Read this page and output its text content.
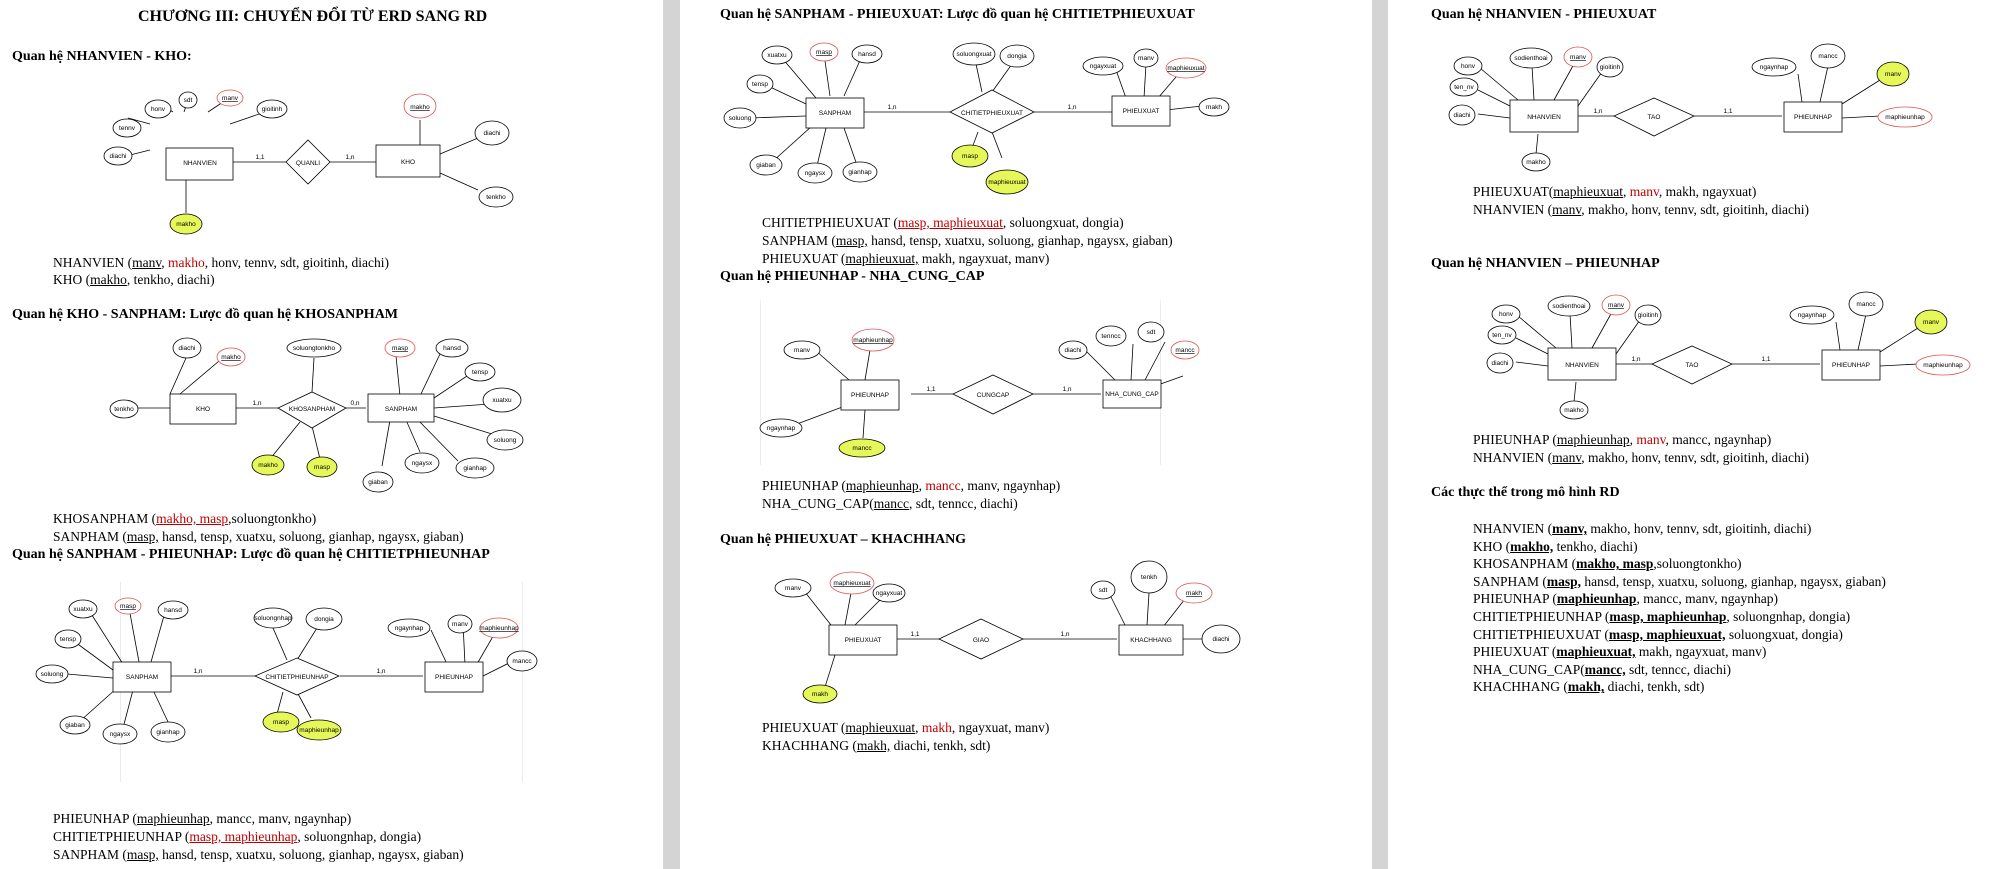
CHƯƠNG III: CHUYỂN ĐỔI TỪ ERD SANG RD
Quan hệ NHANVIEN - KHO:
NHANVIEN	QUANLI	KHO
tennv
honv
sdt	manv
gioitinh
diachi
makho
makho
diachi
tenkho
1,1	1,n
NHANVIEN (manv, makho, honv, tennv, sdt, gioitinh, diachi)
KHO (makho, tenkho, diachi)
Quan hệ KHO - SANPHAM: Lược đồ quan hệ KHOSANPHAM
KHO	KHOSANPHAM	SANPHAM
diachi
makho
tenkho
soluongtonkho
makho	masp
masp	hansd
tensp
xuatxu
soluong
gianhap
ngaysx
giaban
1,n	0,n
KHOSANPHAM (makho, masp,soluongtonkho)
SANPHAM (masp, hansd, tensp, xuatxu, soluong, gianhap, ngaysx, giaban)
Quan hệ SANPHAM - PHIEUNHAP: Lược đồ quan hệ CHITIETPHIEUNHAP
SANPHAM	CHITIETPHIEUNHAP	PHIEUNHAP
xuatxu	masp
hansd
tensp
soluong
giaban
ngaysx	gianhap
soluongnhap	dongia
masp
maphieunhap
ngaynhap
manv
maphieunhap
mancc
1,n	1,n
PHIEUNHAP (maphieunhap, mancc, manv, ngaynhap)
CHITIETPHIEUNHAP (masp, maphieunhap, soluongnhap, dongia)
SANPHAM (masp, hansd, tensp, xuatxu, soluong, gianhap, ngaysx, giaban)
Quan hệ SANPHAM - PHIEUXUAT: Lược đồ quan hệ CHITIETPHIEUXUAT
SANPHAM	CHITIETPHIEUXUAT	PHIEUXUAT
xuatxu	masp	hansd
tensp
soluong
giaban
ngaysx	gianhap
soluongxuat dongia
masp
maphieuxuat
ngayxuat
manv
maphieuxuat
makh
1,n	1,n
CHITIETPHIEUXUAT (masp, maphieuxuat, soluongxuat, dongia)
SANPHAM (masp, hansd, tensp, xuatxu, soluong, gianhap, ngaysx, giaban)
PHIEUXUAT (maphieuxuat, makh, ngayxuat, manv)
Quan hệ PHIEUNHAP - NHA_CUNG_CAP
PHIEUNHAP	CUNGCAP	NHA_CUNG_CAP
manv
maphieunhap
ngaynhap
mancc
diachi
tenncc
sdt
mancc
1,1	1,n
PHIEUNHAP (maphieunhap, mancc, manv, ngaynhap)
NHA_CUNG_CAP(mancc, sdt, tenncc, diachi)
Quan hệ PHIEUXUAT – KHACHHANG
PHIEUXUAT	GIAO	KHACHHANG
manv
maphieuxuat
ngayxuat
makh
sdt
tenkh
makh
diachi
1,1	1,n
PHIEUXUAT (maphieuxuat, makh, ngayxuat, manv)
KHACHHANG (makh, diachi, tenkh, sdt)
Quan hệ NHANVIEN - PHIEUXUAT
NHANVIEN	TAO	PHIEUNHAP
honv
sodienthoai	manv
gioitinh
ten_nv
diachi
makho
ngaynhap
mancc
manv
maphieunhap
1,n	1,1
PHIEUXUAT(maphieuxuat, manv, makh, ngayxuat)
NHANVIEN (manv, makho, honv, tennv, sdt, gioitinh, diachi)
Quan hệ NHANVIEN – PHIEUNHAP
NHANVIEN	TAO	PHIEUNHAP
honv
sodienthoai	manv
gioitinh
ten_nv
diachi
makho
ngaynhap
mancc
manv
maphieunhap
1,n	1,1
PHIEUNHAP (maphieunhap, manv, mancc, ngaynhap)
NHANVIEN (manv, makho, honv, tennv, sdt, gioitinh, diachi)
Các thực thể trong mô hình RD
NHANVIEN (manv, makho, honv, tennv, sdt, gioitinh, diachi)
KHO (makho, tenkho, diachi)
KHOSANPHAM (makho, masp,soluongtonkho)
SANPHAM (masp, hansd, tensp, xuatxu, soluong, gianhap, ngaysx, giaban)
PHIEUNHAP (maphieunhap, mancc, manv, ngaynhap)
CHITIETPHIEUNHAP (masp, maphieunhap, soluongnhap, dongia)
CHITIETPHIEUXUAT (masp, maphieuxuat, soluongxuat, dongia)
PHIEUXUAT (maphieuxuat, makh, ngayxuat, manv)
NHA_CUNG_CAP(mancc, sdt, tenncc, diachi)
KHACHHANG (makh, diachi, tenkh, sdt)
